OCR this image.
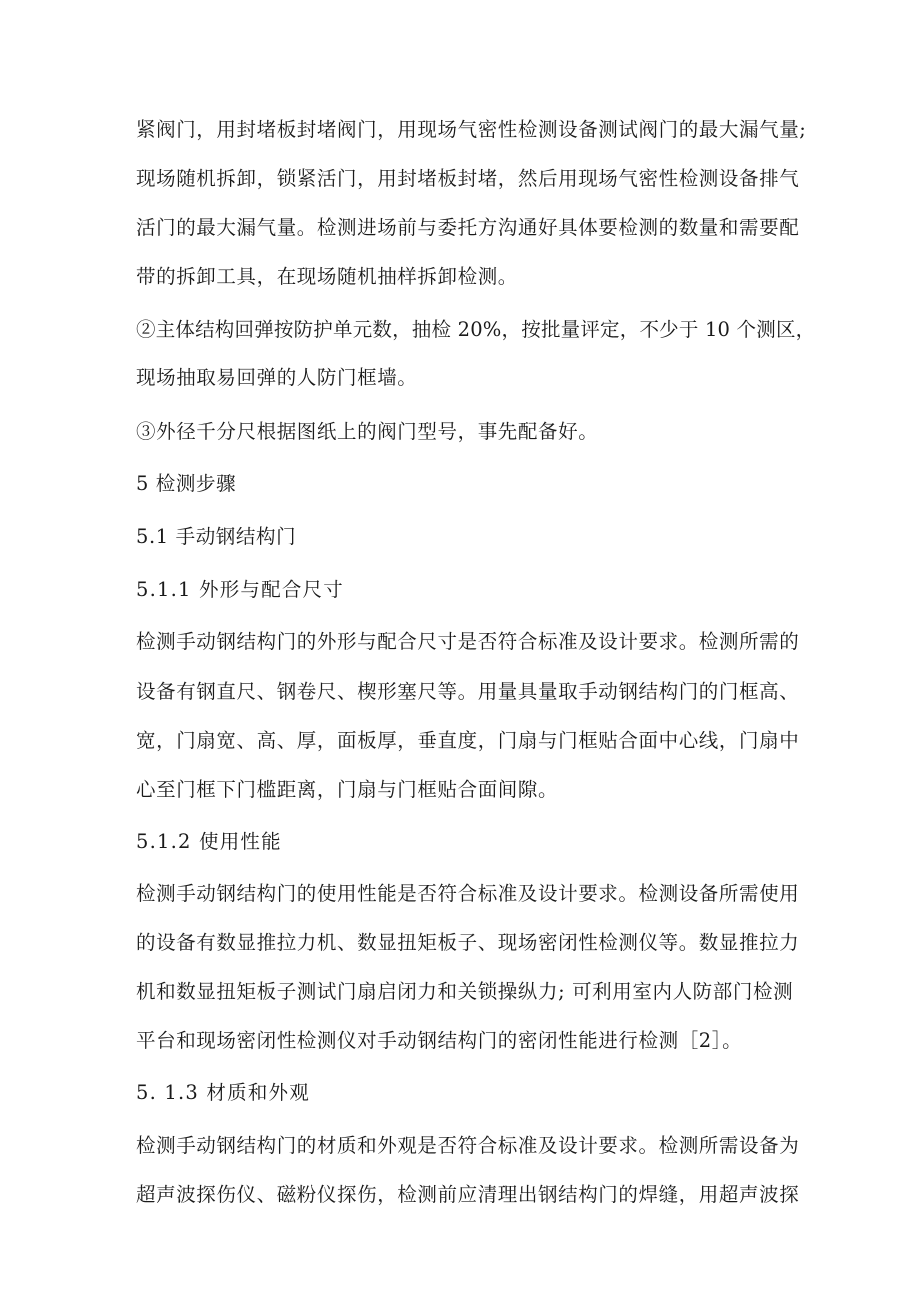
紧阀门，用封堵板封堵阀门，用现场气密性检测设备测试阀门的最大漏气量;
现场随机拆卸，锁紧活门，用封堵板封堵，然后用现场气密性检测设备排气
活门的最大漏气量。检测进场前与委托方沟通好具体要检测的数量和需要配
带的拆卸工具，在现场随机抽样拆卸检测。
②主体结构回弹按防护单元数，抽检 20%，按批量评定，不少于 10 个测区，
现场抽取易回弹的人防门框墙。
③外径千分尺根据图纸上的阀门型号，事先配备好。
5 检测步骤
5.1 手动钢结构门
5.1.1 外形与配合尺寸
检测手动钢结构门的外形与配合尺寸是否符合标准及设计要求。检测所需的
设备有钢直尺、钢卷尺、楔形塞尺等。用量具量取手动钢结构门的门框高、
宽，门扇宽、高、厚，面板厚，垂直度，门扇与门框贴合面中心线，门扇中
心至门框下门槛距离，门扇与门框贴合面间隙。
5.1.2 使用性能
检测手动钢结构门的使用性能是否符合标准及设计要求。检测设备所需使用
的设备有数显推拉力机、数显扭矩板子、现场密闭性检测仪等。数显推拉力
机和数显扭矩板子测试门扇启闭力和关锁操纵力; 可利用室内人防部门检测
平台和现场密闭性检测仪对手动钢结构门的密闭性能进行检测［2］。
5. 1.3 材质和外观
检测手动钢结构门的材质和外观是否符合标准及设计要求。检测所需设备为
超声波探伤仪、磁粉仪探伤，检测前应清理出钢结构门的焊缝，用超声波探
